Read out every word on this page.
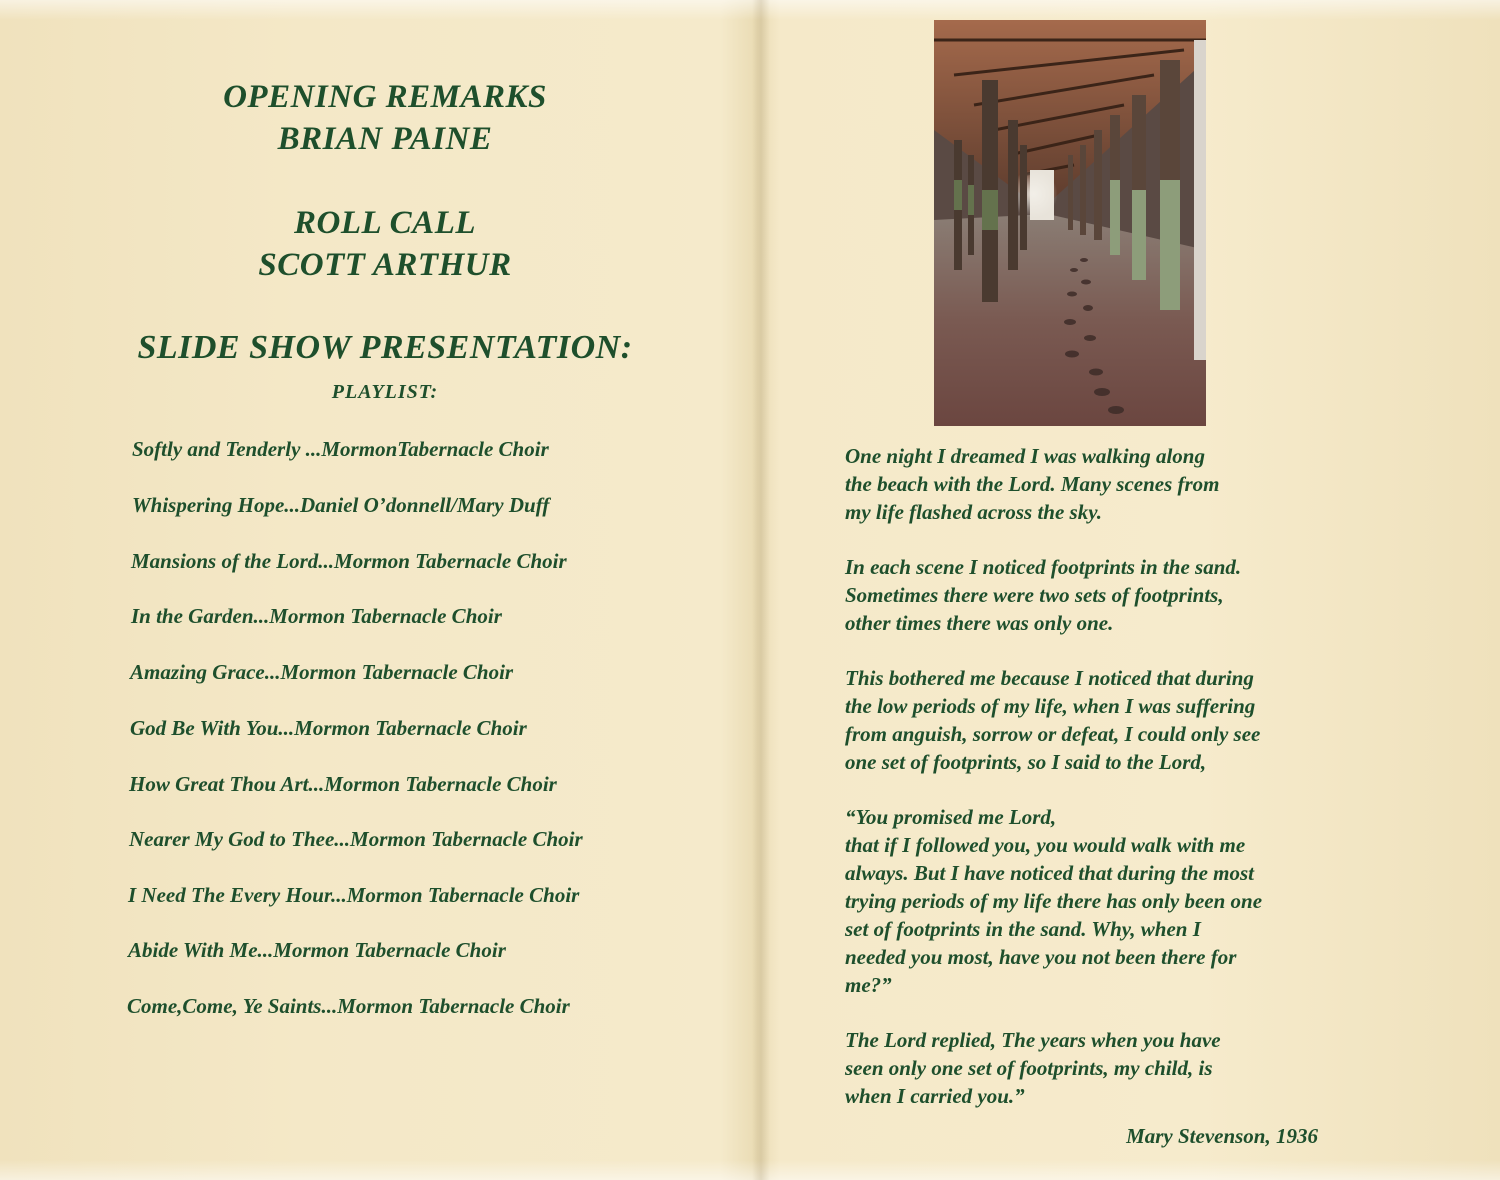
OPENING REMARKS
BRIAN PAINE
ROLL CALL
SCOTT ARTHUR
SLIDE SHOW PRESENTATION:
PLAYLIST:
Softly and Tenderly ...MormonTabernacle Choir
Whispering Hope...Daniel O’donnell/Mary Duff
Mansions of the Lord...Mormon Tabernacle Choir
In the Garden...Mormon Tabernacle Choir
Amazing Grace...Mormon Tabernacle Choir
God Be With You...Mormon Tabernacle Choir
How Great Thou Art...Mormon Tabernacle Choir
Nearer My God to Thee...Mormon Tabernacle Choir
I Need The Every Hour...Mormon Tabernacle Choir
Abide With Me...Mormon Tabernacle Choir
Come,Come, Ye Saints...Mormon Tabernacle Choir
One night I dreamed I was walking along
the beach with the Lord. Many scenes from
my life flashed across the sky.
In each scene I noticed footprints in the sand.
Sometimes there were two sets of footprints,
other times there was only one.
This bothered me because I noticed that during
the low periods of my life, when I was suffering
from anguish, sorrow or defeat, I could only see
one set of footprints, so I said to the Lord,
“You promised me Lord,
that if I followed you, you would walk with me
always. But I have noticed that during the most
trying periods of my life there has only been one
set of footprints in the sand. Why, when I
needed you most, have you not been there for
me?”
The Lord replied, The years when you have
seen only one set of footprints, my child, is
when I carried you.”
Mary Stevenson, 1936
